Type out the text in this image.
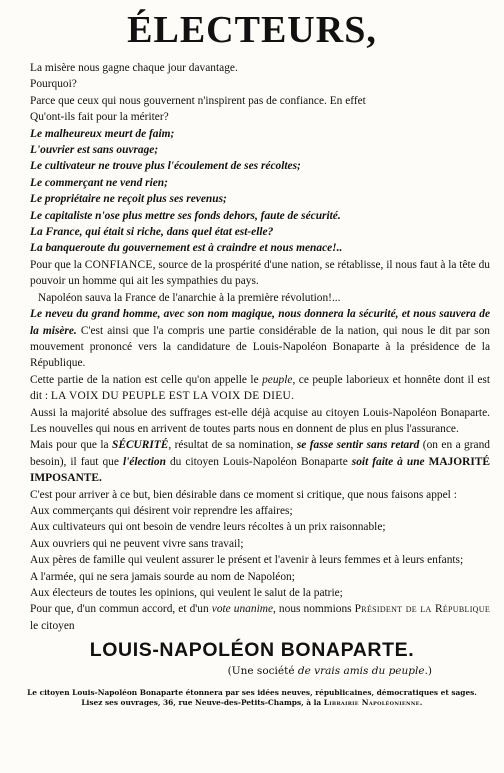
ÉLECTEURS,

La misère nous gagne chaque jour davantage.

Pourquoi?

Parce que ceux qui nous gouvernent n'inspirent pas de confiance. En effet

Qu'ont-ils fait pour la mériter?

Le malheureux meurt de faim;

L'ouvrier est sans ouvrage;

Le cultivateur ne trouve plus l'écoulement de ses récoltes;

Le commerçant ne vend rien;

Le propriétaire ne reçoit plus ses revenus;

Le capitaliste n'ose plus mettre ses fonds dehors, faute de sécurité.

La France, qui était si riche, dans quel état est-elle?

La banqueroute du gouvernement est à craindre et nous menace!..

Pour que la CONFIANCE, source de la prospérité d'une nation, se rétablisse, il nous faut à la tête du pouvoir un homme qui ait les sympathies du pays.

Napoléon sauva la France de l'anarchie à la première révolution!...

Le neveu du grand homme, avec son nom magique, nous donnera la sécurité, et nous sauvera de la misère. C'est ainsi que l'a compris une partie considérable de la nation, qui nous le dit par son mouvement prononcé vers la candidature de Louis-Napoléon Bonaparte à la présidence de la République.

Cette partie de la nation est celle qu'on appelle le peuple, ce peuple laborieux et honnête dont il est dit : LA VOIX DU PEUPLE EST LA VOIX DE DIEU.

Aussi la majorité absolue des suffrages est-elle déjà acquise au citoyen Louis-Napoléon Bonaparte. Les nouvelles qui nous en arrivent de toutes parts nous en donnent de plus en plus l'assurance.

Mais pour que la SÉCURITÉ, résultat de sa nomination, se fasse sentir sans retard (on en a grand besoin), il faut que l'élection du citoyen Louis-Napoléon Bonaparte soit faite à une MAJORITÉ IMPOSANTE.

C'est pour arriver à ce but, bien désirable dans ce moment si critique, que nous faisons appel :

Aux commerçants qui désirent voir reprendre les affaires;

Aux cultivateurs qui ont besoin de vendre leurs récoltes à un prix raisonnable;

Aux ouvriers qui ne peuvent vivre sans travail;

Aux pères de famille qui veulent assurer le présent et l'avenir à leurs femmes et à leurs enfants;

A l'armée, qui ne sera jamais sourde au nom de Napoléon;

Aux électeurs de toutes les opinions, qui veulent le salut de la patrie;

Pour que, d'un commun accord, et d'un vote unanime, nous nommions Président de la République le citoyen

LOUIS-NAPOLÉON BONAPARTE.
(Une société de vrais amis du peuple.)
Le citoyen Louis-Napoléon Bonaparte étonnera par ses idées neuves, républicaines, démocratiques et sages.
Lisez ses ouvrages, 36, rue Neuve-des-Petits-Champs, à la Librairie Napoléonienne.
